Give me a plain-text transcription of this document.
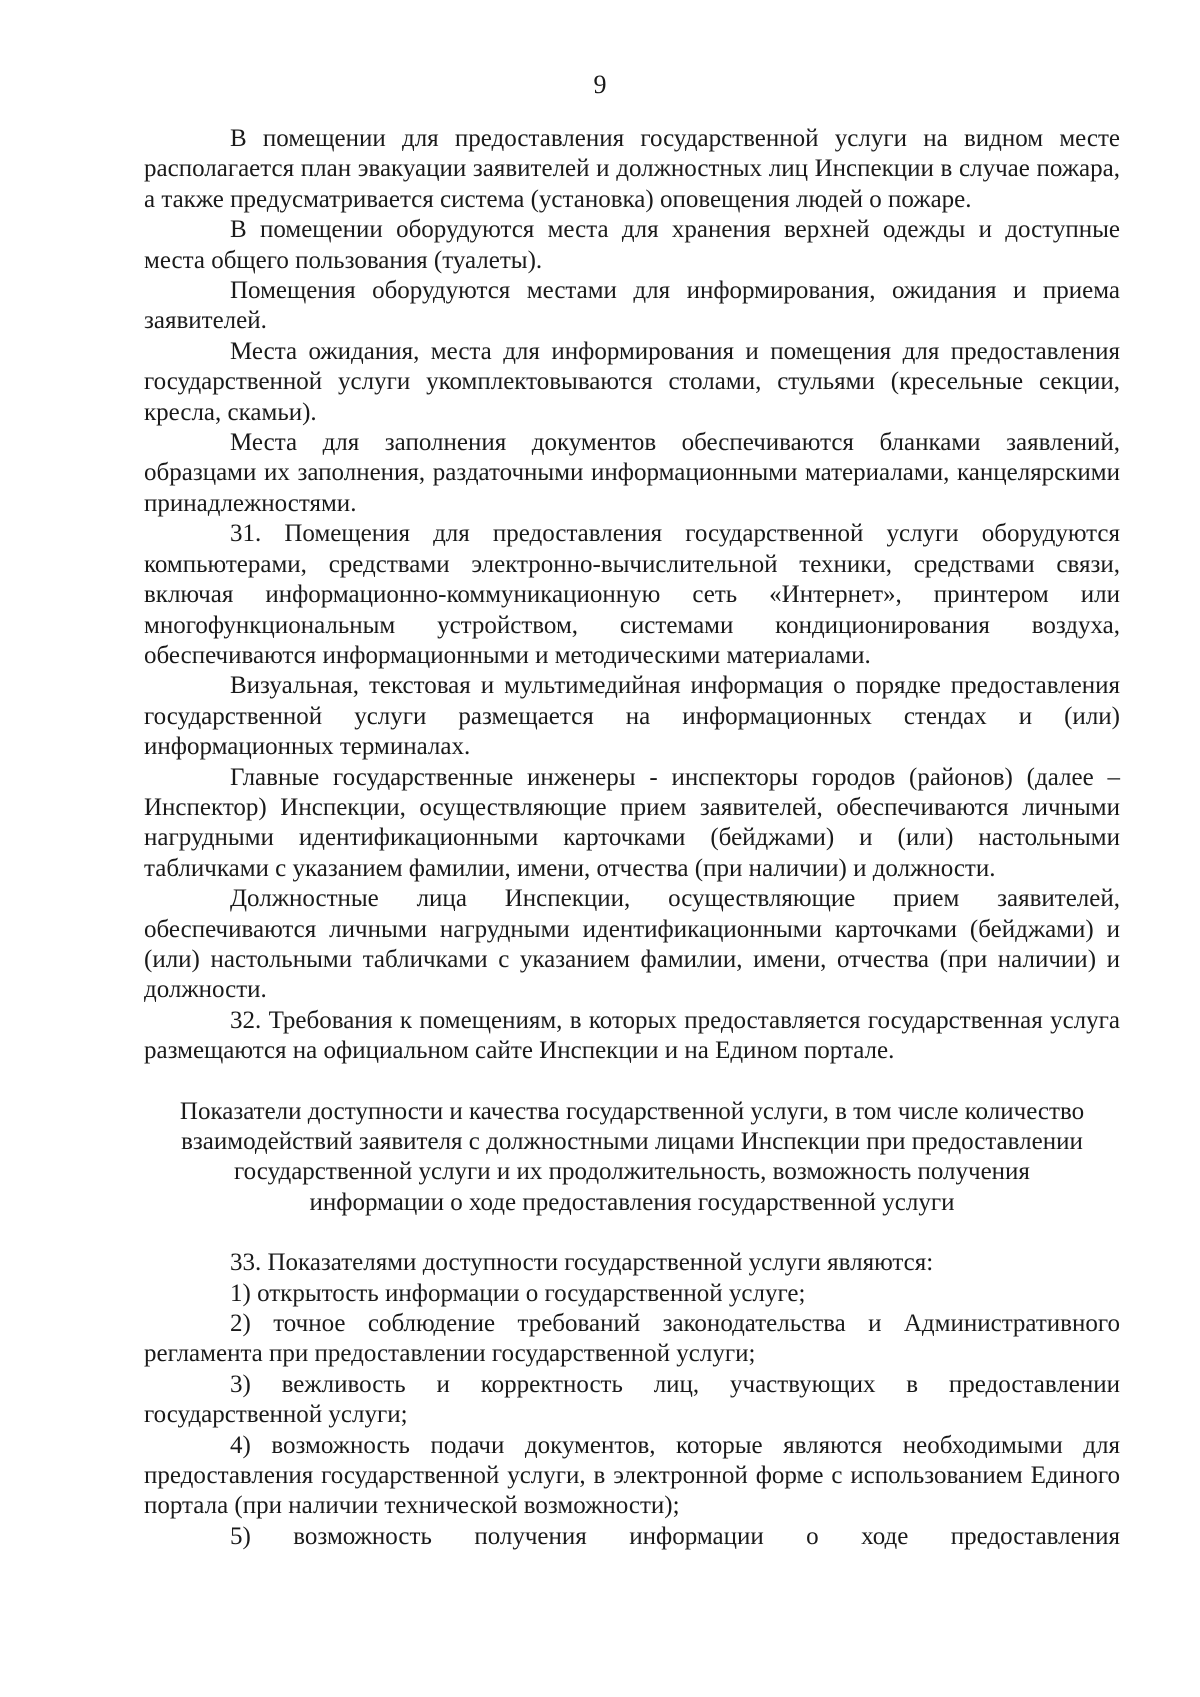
9

В помещении для предоставления государственной услуги на видном месте располагается план эвакуации заявителей и должностных лиц Инспекции в случае пожара, а также предусматривается система (установка) оповещения людей о пожаре.

В помещении оборудуются места для хранения верхней одежды и доступные места общего пользования (туалеты).

Помещения оборудуются местами для информирования, ожидания и приема заявителей.

Места ожидания, места для информирования и помещения для предоставления государственной услуги укомплектовываются столами, стульями (кресельные секции, кресла, скамьи).

Места для заполнения документов обеспечиваются бланками заявлений, образцами их заполнения, раздаточными информационными материалами, канцелярскими принадлежностями.

31. Помещения для предоставления государственной услуги оборудуются компьютерами, средствами электронно-вычислительной техники, средствами связи, включая информационно-коммуникационную сеть «Интернет», принтером или многофункциональным устройством, системами кондиционирования воздуха, обеспечиваются информационными и методическими материалами.

Визуальная, текстовая и мультимедийная информация о порядке предоставления государственной услуги размещается на информационных стендах и (или) информационных терминалах.

Главные государственные инженеры - инспекторы городов (районов) (далее – Инспектор) Инспекции, осуществляющие прием заявителей, обеспечиваются личными нагрудными идентификационными карточками (бейджами) и (или) настольными табличками с указанием фамилии, имени, отчества (при наличии) и должности.

Должностные лица Инспекции, осуществляющие прием заявителей, обеспечиваются личными нагрудными идентификационными карточками (бейджами) и (или) настольными табличками с указанием фамилии, имени, отчества (при наличии) и должности.

32. Требования к помещениям, в которых предоставляется государственная услуга размещаются на официальном сайте Инспекции и на Едином портале.

Показатели доступности и качества государственной услуги, в том числе количество
взаимодействий заявителя с должностными лицами Инспекции при предоставлении
государственной услуги и их продолжительность, возможность получения
информации о ходе предоставления государственной услуги

33. Показателями доступности государственной услуги являются:

1) открытость информации о государственной услуге;

2) точное соблюдение требований законодательства и Административного регламента при предоставлении государственной услуги;

3) вежливость и корректность лиц, участвующих в предоставлении государственной услуги;

4) возможность подачи документов, которые являются необходимыми для предоставления государственной услуги, в электронной форме с использованием Единого портала (при наличии технической возможности);

5) возможность получения информации о ходе предоставления
